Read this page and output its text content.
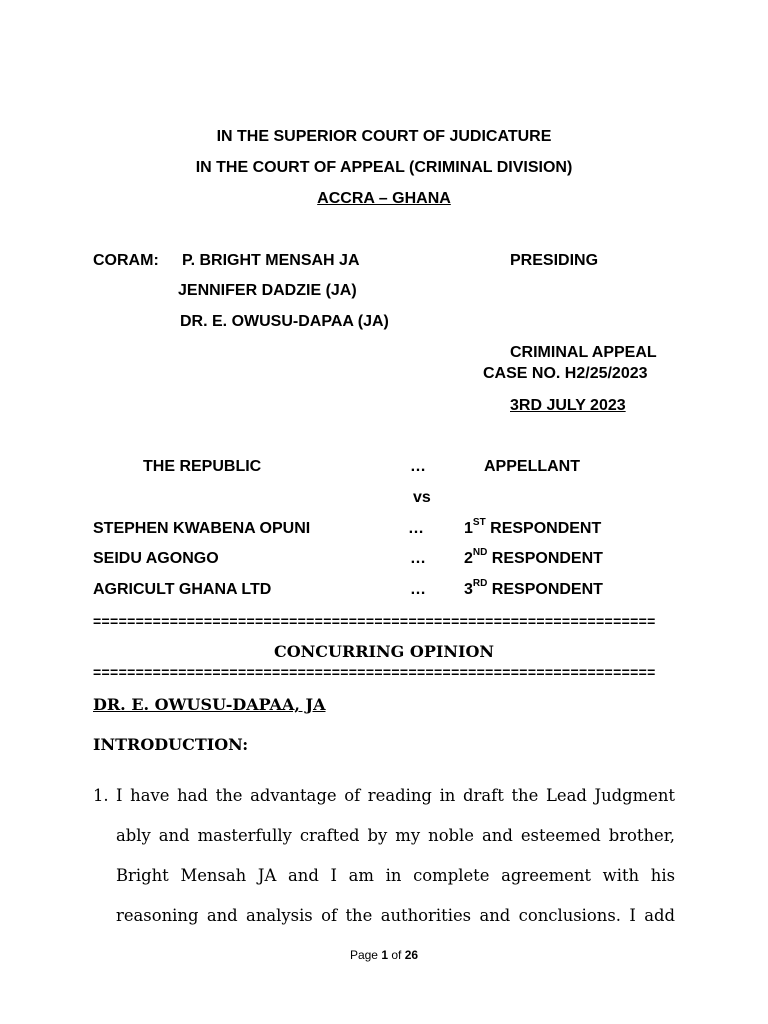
IN THE SUPERIOR COURT OF JUDICATURE
IN THE COURT OF APPEAL (CRIMINAL DIVISION)
ACCRA – GHANA
CORAM: P. BRIGHT MENSAH JA	PRESIDING
JENNIFER DADZIE (JA)
DR. E. OWUSU-DAPAA (JA)
CRIMINAL APPEAL
CASE NO. H2/25/2023
3RD JULY 2023
THE REPUBLIC	…	APPELLANT
vs
STEPHEN KWABENA OPUNI	…	1ST RESPONDENT
SEIDU AGONGO	… 2ND RESPONDENT
AGRICULT GHANA LTD	… 3RD RESPONDENT
==================================================================
CONCURRING OPINION
==================================================================
DR. E. OWUSU-DAPAA, JA
INTRODUCTION:
1. I have had the advantage of reading in draft the Lead Judgment
ably and masterfully crafted by my noble and esteemed brother,
Bright Mensah JA and I am in complete agreement with his
reasoning and analysis of the authorities and conclusions. I add
Page 1 of 26
